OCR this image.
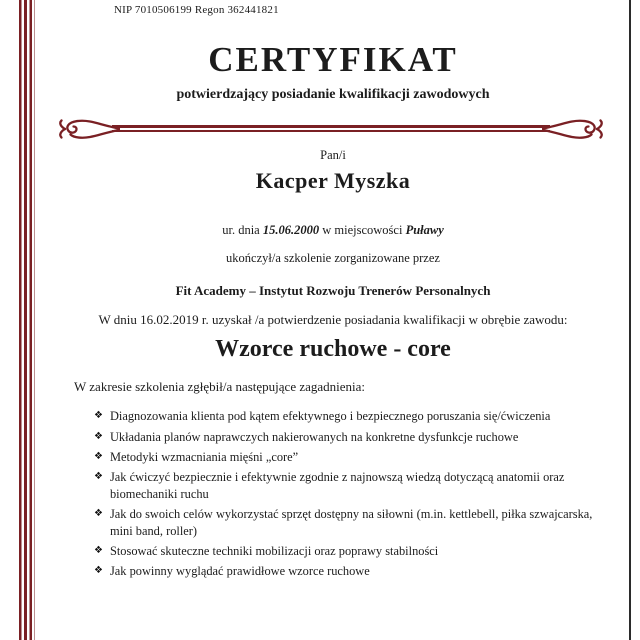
NIP 7010506199 Regon 362441821

CERTYFIKAT

potwierdzający posiadanie kwalifikacji zawodowych

Pan/i

Kacper Myszka

ur. dnia 15.06.2000 w miejscowości Puławy

ukończył/a szkolenie zorganizowane przez

Fit Academy – Instytut Rozwoju Trenerów Personalnych

W dniu 16.02.2019 r. uzyskał /a potwierdzenie posiadania kwalifikacji w obrębie zawodu:

Wzorce ruchowe - core

W zakresie szkolenia zgłębił/a następujące zagadnienia:

❖ Diagnozowania klienta pod kątem efektywnego i bezpiecznego poruszania się/ćwiczenia
❖ Układania planów naprawczych nakierowanych na konkretne dysfunkcje ruchowe
❖ Metodyki wzmacniania mięśni „core”
❖ Jak ćwiczyć bezpiecznie i efektywnie zgodnie z najnowszą wiedzą dotyczącą anatomii oraz biomechaniki ruchu
❖ Jak do swoich celów wykorzystać sprzęt dostępny na siłowni (m.in. kettlebell, piłka szwajcarska, mini band, roller)
❖ Stosować skuteczne techniki mobilizacji oraz poprawy stabilności
❖ Jak powinny wyglądać prawidłowe wzorce ruchowe
